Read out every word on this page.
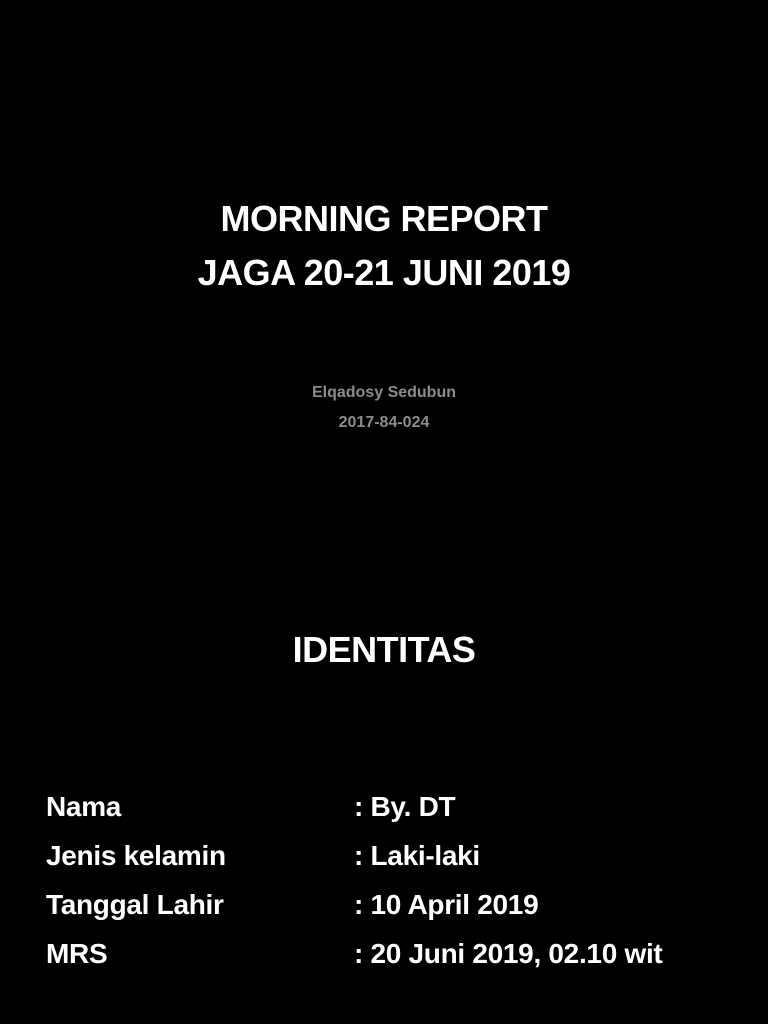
MORNING REPORT
JAGA 20-21 JUNI 2019
Elqadosy Sedubun
2017-84-024
IDENTITAS
Nama	: By. DT
Jenis kelamin	: Laki-laki
Tanggal Lahir	: 10 April 2019
MRS	: 20 Juni 2019, 02.10 wit
